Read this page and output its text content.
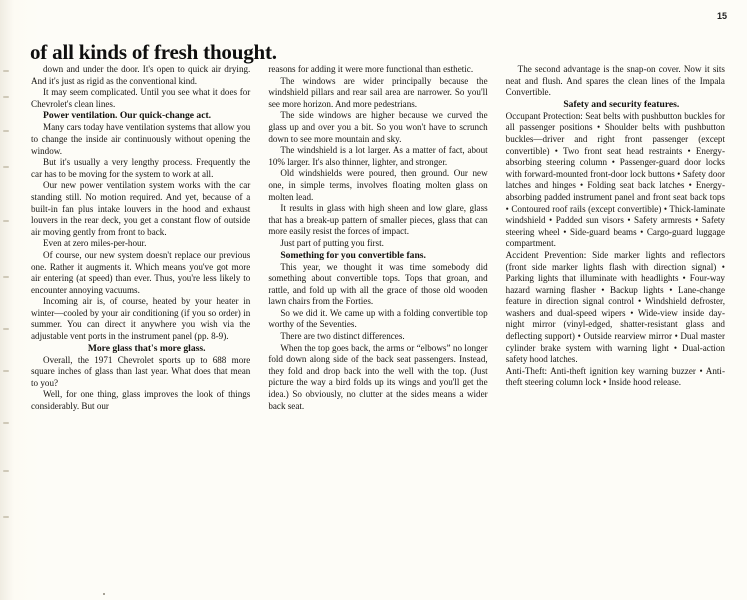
15
of all kinds of fresh thought.

down and under the door. It's open to quick air drying. And it's just as rigid as the conventional kind.

It may seem complicated. Until you see what it does for Chevrolet's clean lines.

Power ventilation. Our quick-change act.

Many cars today have ventilation systems that allow you to change the inside air continuously without opening the window.

But it's usually a very lengthy process. Frequently the car has to be moving for the system to work at all.

Our new power ventilation system works with the car standing still. No motion required. And yet, because of a built-in fan plus intake louvers in the hood and exhaust louvers in the rear deck, you get a constant flow of outside air moving gently from front to back.

Even at zero miles-per-hour.

Of course, our new system doesn't replace our previous one. Rather it augments it. Which means you've got more air entering (at speed) than ever. Thus, you're less likely to encounter annoying vacuums.

Incoming air is, of course, heated by your heater in winter—cooled by your air conditioning (if you so order) in summer. You can direct it anywhere you wish via the adjustable vent ports in the instrument panel (pp. 8-9).

More glass that's more glass.

Overall, the 1971 Chevrolet sports up to 688 more square inches of glass than last year. What does that mean to you?

Well, for one thing, glass improves the look of things considerably. But our

reasons for adding it were more functional than esthetic.

The windows are wider principally because the windshield pillars and rear sail area are narrower. So you'll see more horizon. And more pedestrians.

The side windows are higher because we curved the glass up and over you a bit. So you won't have to scrunch down to see more mountain and sky.

The windshield is a lot larger. As a matter of fact, about 10% larger. It's also thinner, lighter, and stronger.

Old windshields were poured, then ground. Our new one, in simple terms, involves floating molten glass on molten lead.

It results in glass with high sheen and low glare, glass that has a break-up pattern of smaller pieces, glass that can more easily resist the forces of impact.

Just part of putting you first.

Something for you convertible fans.

This year, we thought it was time somebody did something about convertible tops. Tops that groan, and rattle, and fold up with all the grace of those old wooden lawn chairs from the Forties.

So we did it. We came up with a folding convertible top worthy of the Seventies.

There are two distinct differences.

When the top goes back, the arms or “elbows” no longer fold down along side of the back seat passengers. Instead, they fold and drop back into the well with the top. (Just picture the way a bird folds up its wings and you'll get the idea.) So obviously, no clutter at the sides means a wider back seat.

The second advantage is the snap-on cover. Now it sits neat and flush. And spares the clean lines of the Impala Convertible.

Safety and security features.

Occupant Protection: Seat belts with pushbutton buckles for all passenger positions • Shoulder belts with pushbutton buckles—driver and right front passenger (except convertible) • Two front seat head restraints • Energy-absorbing steering column • Passenger-guard door locks with forward-mounted front-door lock buttons • Safety door latches and hinges • Folding seat back latches • Energy-absorbing padded instrument panel and front seat back tops • Contoured roof rails (except convertible) • Thick-laminate windshield • Padded sun visors • Safety armrests • Safety steering wheel • Side-guard beams • Cargo-guard luggage compartment.

Accident Prevention: Side marker lights and reflectors (front side marker lights flash with direction signal) • Parking lights that illuminate with headlights • Four-way hazard warning flasher • Backup lights • Lane-change feature in direction signal control • Windshield defroster, washers and dual-speed wipers • Wide-view inside day-night mirror (vinyl-edged, shatter-resistant glass and deflecting support) • Outside rearview mirror • Dual master cylinder brake system with warning light • Dual-action safety hood latches.

Anti-Theft: Anti-theft ignition key warning buzzer • Anti-theft steering column lock • Inside hood release.
